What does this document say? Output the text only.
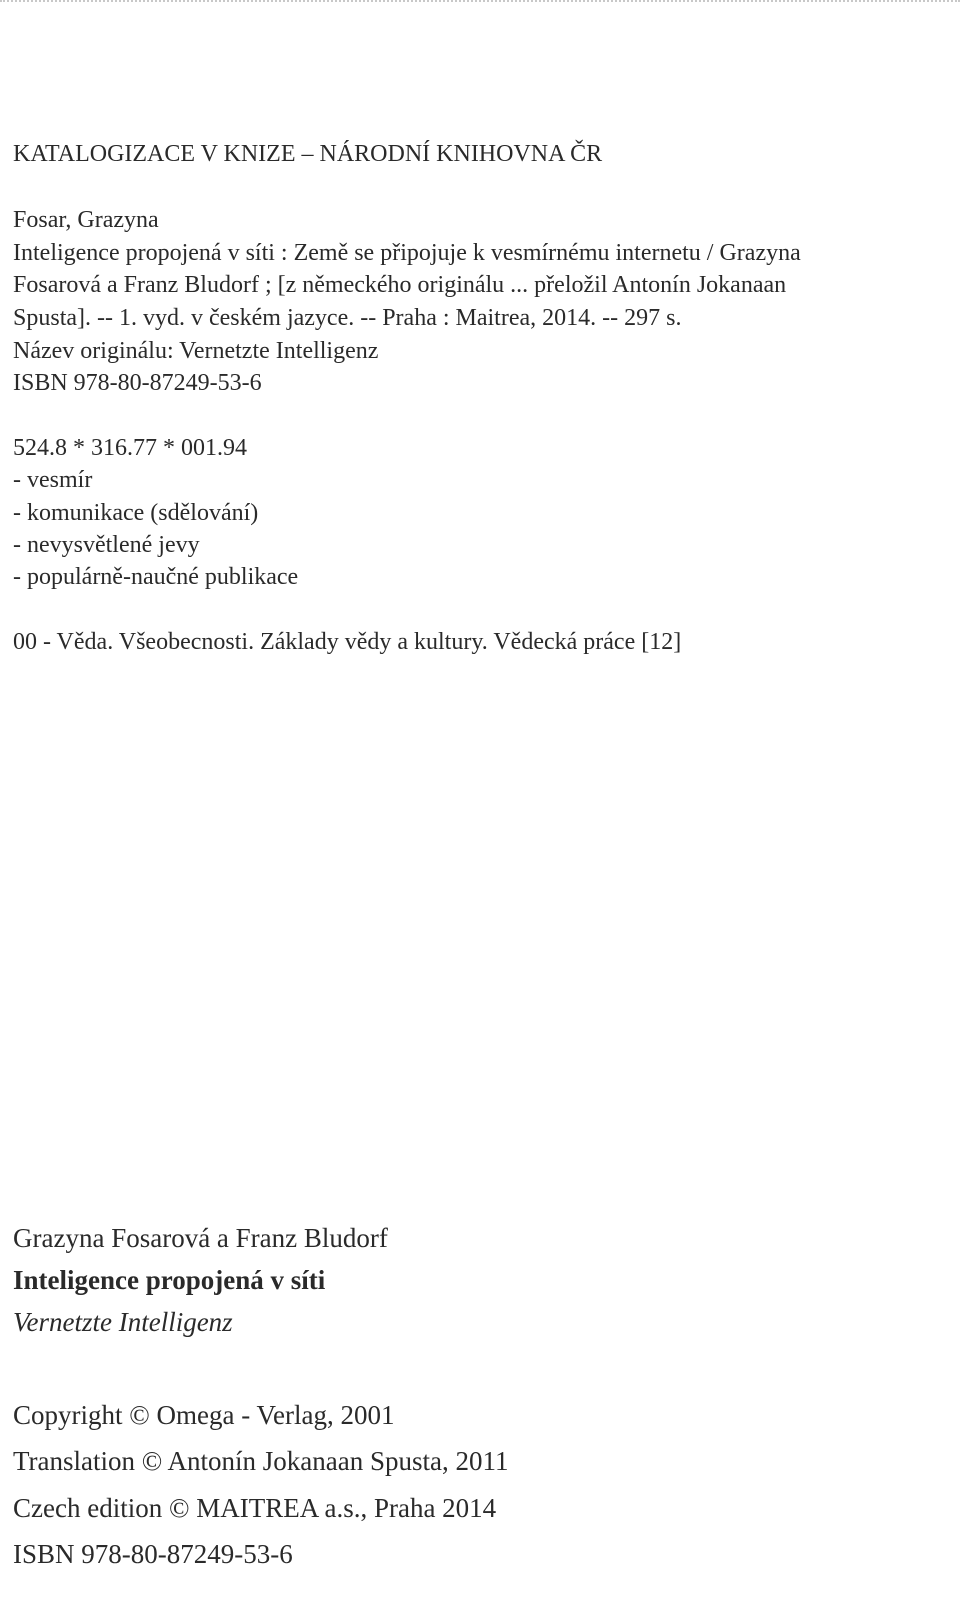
KATALOGIZACE V KNIZE – NÁRODNÍ KNIHOVNA ČR
Fosar, Grazyna
Inteligence propojená v síti : Země se připojuje k vesmírnému internetu / Grazyna
Fosarová a Franz Bludorf ; [z německého originálu ... přeložil Antonín Jokanaan
Spusta]. -- 1. vyd. v českém jazyce. -- Praha : Maitrea, 2014. -- 297 s.
Název originálu: Vernetzte Intelligenz
ISBN 978-80-87249-53-6
524.8 * 316.77 * 001.94
- vesmír
- komunikace (sdělování)
- nevysvětlené jevy
- populárně-naučné publikace
00 - Věda. Všeobecnosti. Základy vědy a kultury. Vědecká práce [12]
Grazyna Fosarová a Franz Bludorf
Inteligence propojená v síti
Vernetzte Intelligenz
Copyright © Omega - Verlag, 2001
Translation © Antonín Jokanaan Spusta, 2011
Czech edition © MAITREA a.s., Praha 2014
ISBN 978-80-87249-53-6
